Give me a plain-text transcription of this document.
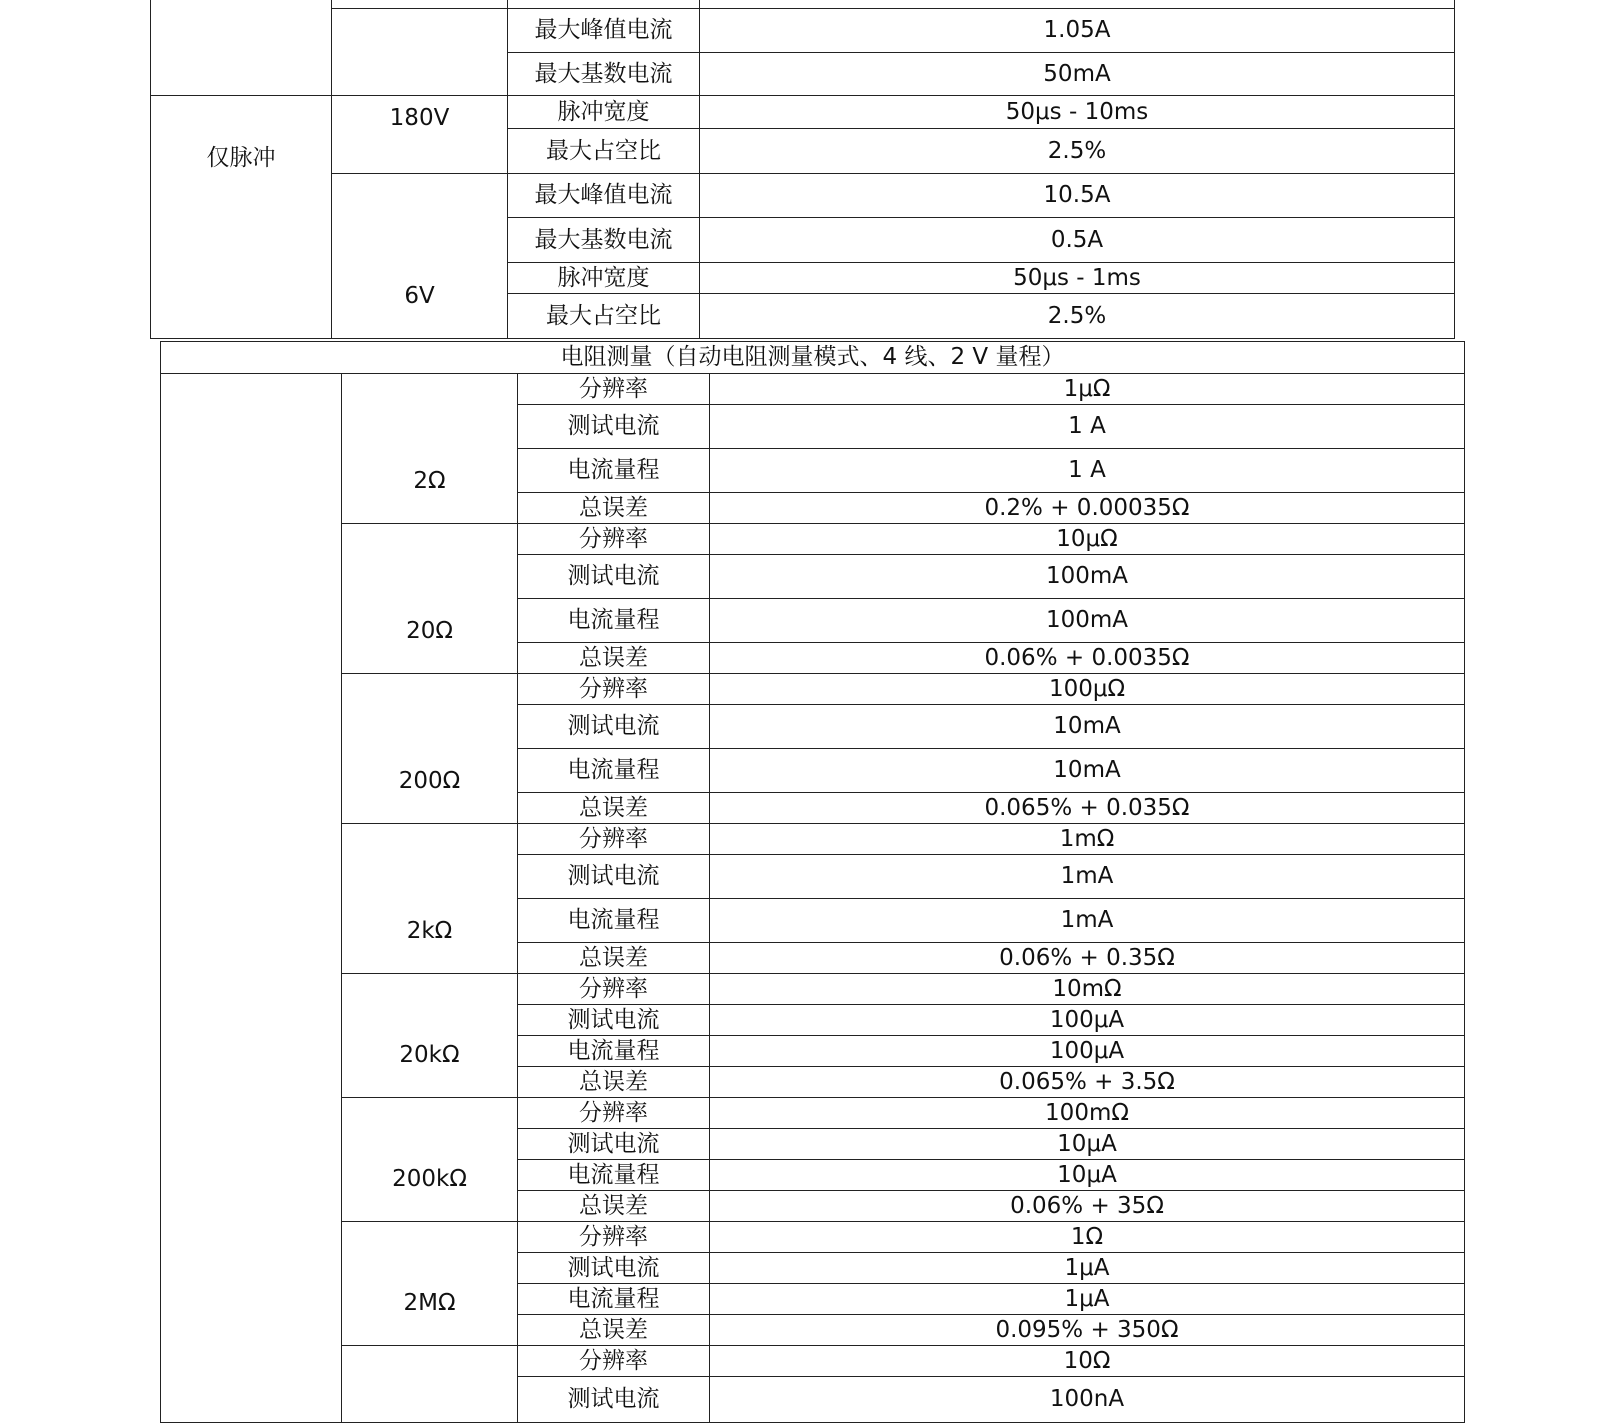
		最大峰值电流	1.05A
		最大基数电流	50mA
仅脉冲	180V	脉冲宽度	50μs - 10ms
		最大占空比	2.5%
	6V	最大峰值电流	10.5A
		最大基数电流	0.5A
		脉冲宽度	50μs - 1ms
		最大占空比	2.5%
电阻测量（自动电阻测量模式、4 线、2 V 量程）			
	2Ω	分辨率	1μΩ
		测试电流	1 A
		电流量程	1 A
		总误差	0.2% + 0.00035Ω
	20Ω	分辨率	10μΩ
		测试电流	100mA
		电流量程	100mA
		总误差	0.06% + 0.0035Ω
	200Ω	分辨率	100μΩ
		测试电流	10mA
		电流量程	10mA
		总误差	0.065% + 0.035Ω
	2kΩ	分辨率	1mΩ
		测试电流	1mA
		电流量程	1mA
		总误差	0.06% + 0.35Ω
	20kΩ	分辨率	10mΩ
		测试电流	100μA
		电流量程	100μA
		总误差	0.065% + 3.5Ω
	200kΩ	分辨率	100mΩ
		测试电流	10μA
		电流量程	10μA
		总误差	0.06% + 35Ω
	2MΩ	分辨率	1Ω
		测试电流	1μA
		电流量程	1μA
		总误差	0.095% + 350Ω
		分辨率	10Ω
		测试电流	100nA
